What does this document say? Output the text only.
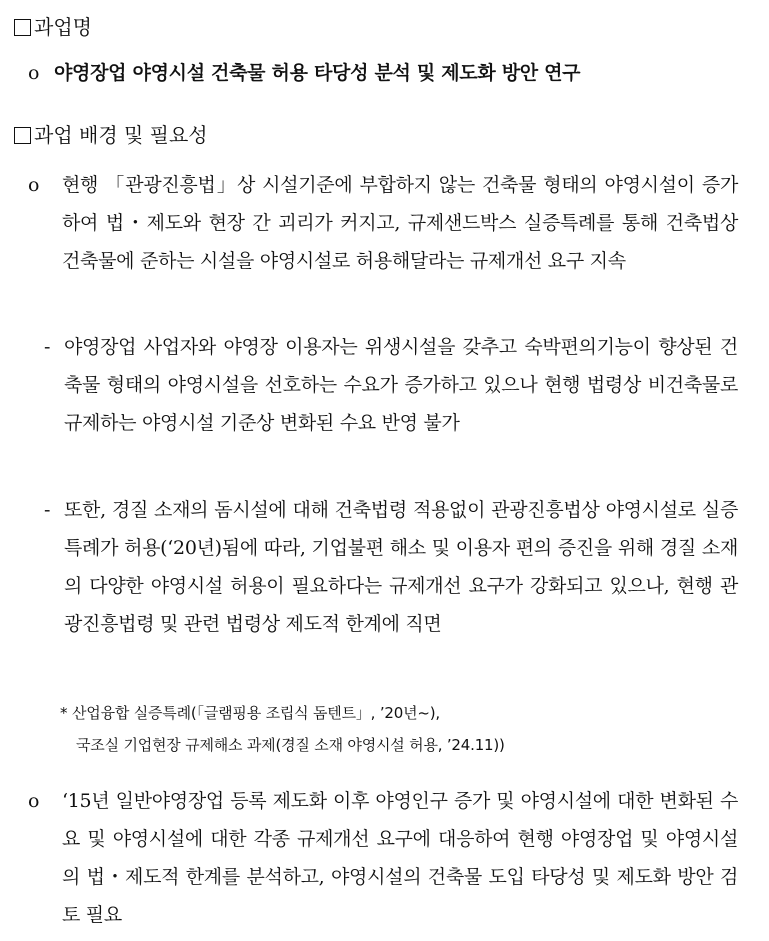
과업명
ο 야영장업 야영시설 건축물 허용 타당성 분석 및 제도화 방안 연구
과업 배경 및 필요성
ο	현행 「관광진흥법」상 시설기준에 부합하지 않는 건축물 형태의 야영시설이 증가하여 법・제도와 현장 간 괴리가 커지고, 규제샌드박스 실증특례를 통해 건축법상 건축물에 준하는 시설을 야영시설로 허용해달라는 규제개선 요구 지속
- 야영장업 사업자와 야영장 이용자는 위생시설을 갖추고 숙박편의기능이 향상된 건축물 형태의 야영시설을 선호하는 수요가 증가하고 있으나 현행 법령상 비건축물로 규제하는 야영시설 기준상 변화된 수요 반영 불가
- 또한, 경질 소재의 돔시설에 대해 건축법령 적용없이 관광진흥법상 야영시설로 실증특례가 허용(‘20년)됨에 따라, 기업불편 해소 및 이용자 편의 증진을 위해 경질 소재의 다양한 야영시설 허용이 필요하다는 규제개선 요구가 강화되고 있으나, 현행 관광진흥법령 및 관련 법령상 제도적 한계에 직면
* 산업융합 실증특례(「글램핑용 조립식 돔텐트」, ’20년~),
국조실 기업현장 규제해소 과제(경질 소재 야영시설 허용, ’24.11))
ο	‘15년 일반야영장업 등록 제도화 이후 야영인구 증가 및 야영시설에 대한 변화된 수요 및 야영시설에 대한 각종 규제개선 요구에 대응하여 현행 야영장업 및 야영시설의 법・제도적 한계를 분석하고, 야영시설의 건축물 도입 타당성 및 제도화 방안 검토 필요
